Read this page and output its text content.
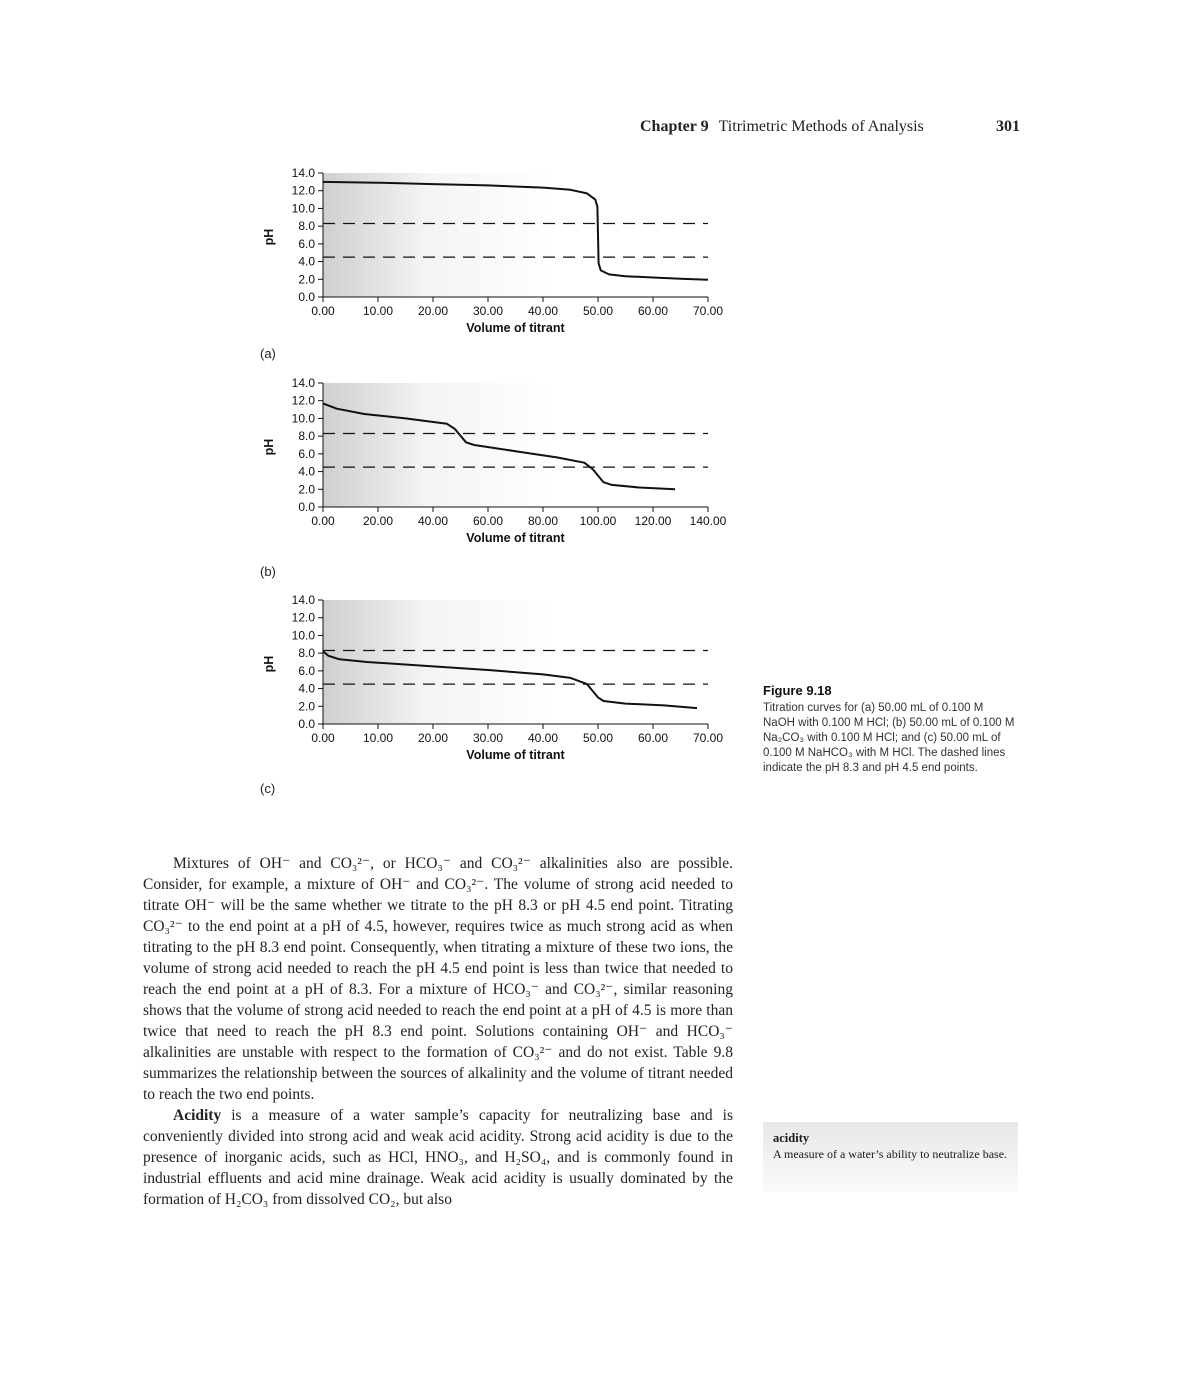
Chapter 9 Titrimetric Methods of Analysis	301
0.0
2.0
4.0
6.0
8.0
10.0
12.0
14.0
0.00 10.00 20.00 30.00 40.00 50.00 60.00 70.00
Volume of titrant
pH
(a)
0.0
2.0
4.0
6.0
8.0
10.0
12.0
14.0
0.00 20.00 40.00 60.00 80.00 100.00 120.00 140.00
Volume of titrant
pH
(b)
0.0
2.0
4.0
6.0
8.0
10.0
12.0
14.0
0.00 10.00 20.00 30.00 40.00 50.00 60.00 70.00
Volume of titrant
pH
(c)
Figure 9.18
Titration curves for (a) 50.00 mL of 0.100 M NaOH with 0.100 M HCl; (b) 50.00 mL of 0.100 M Na₂CO₃ with 0.100 M HCl; and (c) 50.00 mL of 0.100 M NaHCO₃ with M HCl. The dashed lines indicate the pH 8.3 and pH 4.5 end points.

Mixtures of OH⁻ and CO₃²⁻, or HCO₃⁻ and CO₃²⁻ alkalinities also are possible. Consider, for example, a mixture of OH⁻ and CO₃²⁻. The volume of strong acid needed to titrate OH⁻ will be the same whether we titrate to the pH 8.3 or pH 4.5 end point. Titrating CO₃²⁻ to the end point at a pH of 4.5, however, requires twice as much strong acid as when titrating to the pH 8.3 end point. Consequently, when titrating a mixture of these two ions, the volume of strong acid needed to reach the pH 4.5 end point is less than twice that needed to reach the end point at a pH of 8.3. For a mixture of HCO₃⁻ and CO₃²⁻, similar reasoning shows that the volume of strong acid needed to reach the end point at a pH of 4.5 is more than twice that need to reach the pH 8.3 end point. Solutions containing OH⁻ and HCO₃⁻ alkalinities are unstable with respect to the formation of CO₃²⁻ and do not exist. Table 9.8 summarizes the relationship between the sources of alkalinity and the volume of titrant needed to reach the two end points.

Acidity is a measure of a water sample’s capacity for neutralizing base and is conveniently divided into strong acid and weak acid acidity. Strong acid acidity is due to the presence of inorganic acids, such as HCl, HNO₃, and H₂SO₄, and is commonly found in industrial effluents and acid mine drainage. Weak acid acidity is usually dominated by the formation of H₂CO₃ from dissolved CO₂, but also

acidity
A measure of a water’s ability to neutralize base.
